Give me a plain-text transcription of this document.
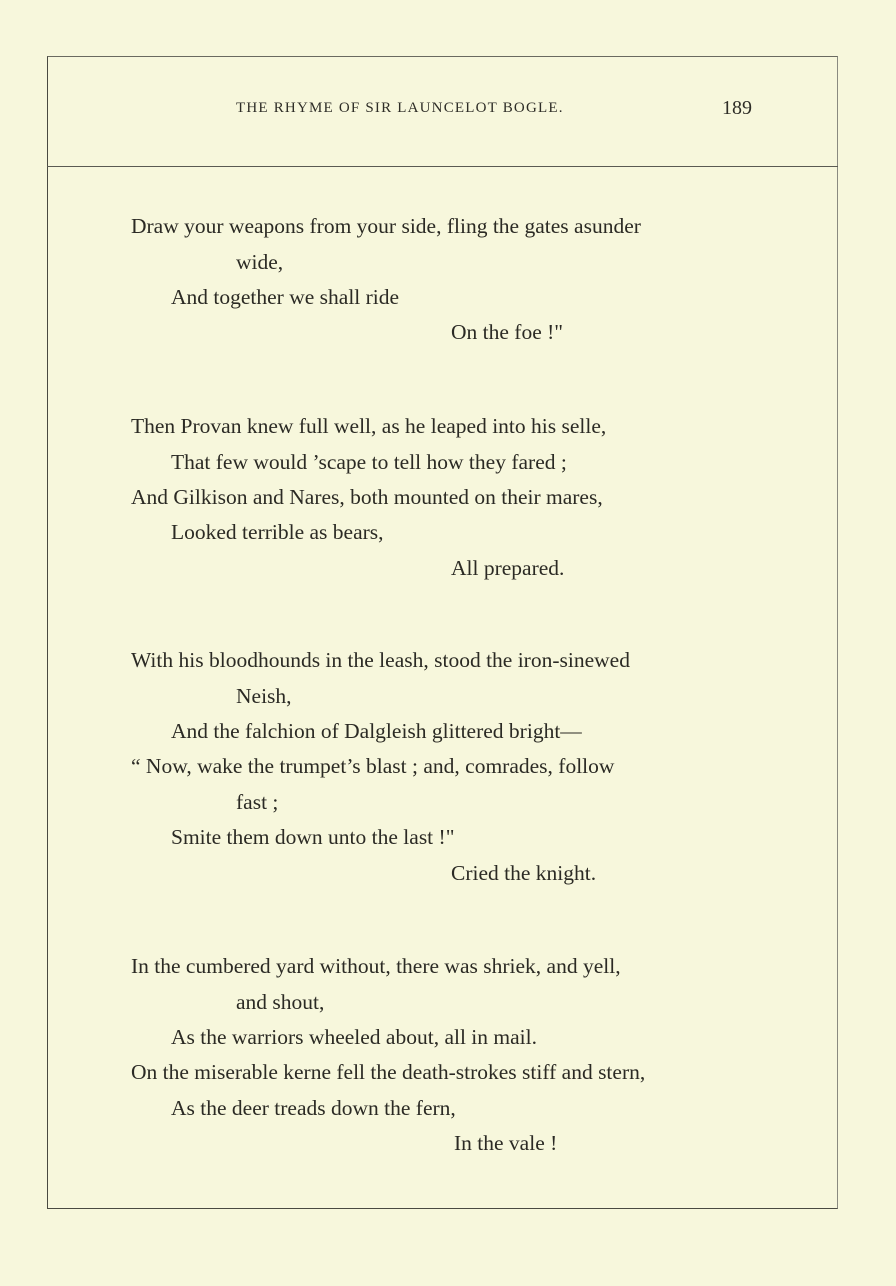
THE RHYME OF SIR LAUNCELOT BOGLE.	189
Draw your weapons from your side, fling the gates asunder
wide,
And together we shall ride
On the foe !"
Then Provan knew full well, as he leaped into his selle,
That few would ’scape to tell how they fared ;
And Gilkison and Nares, both mounted on their mares,
Looked terrible as bears,
All prepared.
With his bloodhounds in the leash, stood the iron-sinewed
Neish,
And the falchion of Dalgleish glittered bright—
“ Now, wake the trumpet’s blast ; and, comrades, follow
fast ;
Smite them down unto the last !"
Cried the knight.
In the cumbered yard without, there was shriek, and yell,
and shout,
As the warriors wheeled about, all in mail.
On the miserable kerne fell the death-strokes stiff and stern,
As the deer treads down the fern,
In the vale !
